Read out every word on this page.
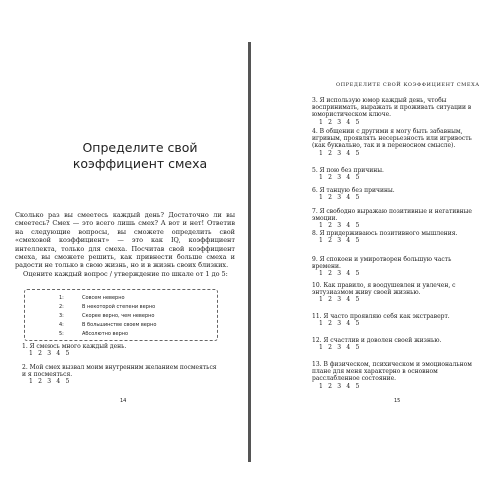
Определите свой
коэффициент смеха
Сколько раз вы смеетесь каждый день? Достаточно ли вы смеетесь? Смех — это всего лишь смех? А вот и нет! Ответив на следующие вопросы, вы сможете определить свой «смеховой коэффициент» — это как IQ, коэффициент интеллекта, только для смеха. Посчитав свой коэффициент смеха, вы сможете решить, как привнести больше смеха и радости не только в свою жизнь, но и в жизнь своих близких.
Оцените каждый вопрос / утверждение по шкале от 1 до 5:
1:	Совсем неверно
2:	В некоторой степени верно
3:	Скорее верно, чем неверно
4:	В большинстве своем верно
5:	Абсолютно верно
1. Я смеюсь много каждый день.
1 2 3 4 5
2. Мой смех вызвал моим внутренним желанием посмеяться и я посмеяться.
1 2 3 4 5
14
ОПРЕДЕЛИТЕ СВОЙ КОЭФФИЦИЕНТ СМЕХА
3. Я использую юмор каждый день, чтобы воспринимать, выражать и проживать ситуации в юмористическом ключе.
1 2 3 4 5
4. В общении с другими я могу быть забавным, игривым, проявлять несерьезность или игривость (как буквально, так и в переносном смысле).
1 2 3 4 5
5. Я пою без причины.
1 2 3 4 5
6. Я танцую без причины.
1 2 3 4 5
7. Я свободно выражаю позитивные и негативные эмоции.
1 2 3 4 5
8. Я придерживаюсь позитивного мышления.
1 2 3 4 5
9. Я спокоен и умиротворен большую часть времени.
1 2 3 4 5
10. Как правило, я воодушевлен и увлечен, с энтузиазмом живу своей жизнью.
1 2 3 4 5
11. Я часто проявляю себя как экстраверт.
1 2 3 4 5
12. Я счастлив и доволен своей жизнью.
1 2 3 4 5
13. В физическом, психическом и эмоциональном плане для меня характерно в основном расслабленное состояние.
1 2 3 4 5
15
